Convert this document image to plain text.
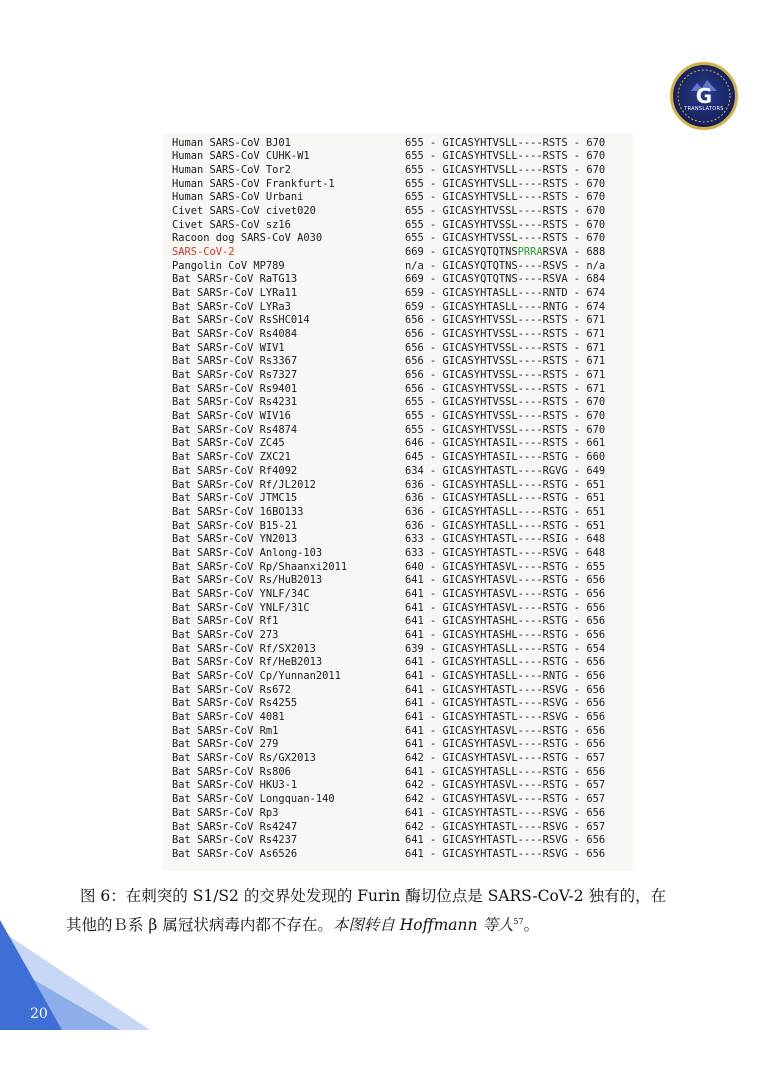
G
TRANSLATORS
Human SARS-CoV BJ01	655 - GICASYHTVSLL----RSTS - 670
Human SARS-CoV CUHK-W1	655 - GICASYHTVSLL----RSTS - 670
Human SARS-CoV Tor2	655 - GICASYHTVSLL----RSTS - 670
Human SARS-CoV Frankfurt-1	655 - GICASYHTVSLL----RSTS - 670
Human SARS-CoV Urbani	655 - GICASYHTVSLL----RSTS - 670
Civet SARS-CoV civet020	655 - GICASYHTVSSL----RSTS - 670
Civet SARS-CoV sz16	655 - GICASYHTVSSL----RSTS - 670
Racoon dog SARS-CoV A030	655 - GICASYHTVSSL----RSTS - 670
SARS-CoV-2	669 - GICASYQTQTNSPRRARSVA - 688
Pangolin CoV MP789	n/a - GICASYQTQTNS----RSVS - n/a
Bat SARSr-CoV RaTG13	669 - GICASYQTQTNS----RSVA - 684
Bat SARSr-CoV LYRa11	659 - GICASYHTASLL----RNTD - 674
Bat SARSr-CoV LYRa3	659 - GICASYHTASLL----RNTG - 674
Bat SARSr-CoV RsSHC014	656 - GICASYHTVSSL----RSTS - 671
Bat SARSr-CoV Rs4084	656 - GICASYHTVSSL----RSTS - 671
Bat SARSr-CoV WIV1	656 - GICASYHTVSSL----RSTS - 671
Bat SARSr-CoV Rs3367	656 - GICASYHTVSSL----RSTS - 671
Bat SARSr-CoV Rs7327	656 - GICASYHTVSSL----RSTS - 671
Bat SARSr-CoV Rs9401	656 - GICASYHTVSSL----RSTS - 671
Bat SARSr-CoV Rs4231	655 - GICASYHTVSSL----RSTS - 670
Bat SARSr-CoV WIV16	655 - GICASYHTVSSL----RSTS - 670
Bat SARSr-CoV Rs4874	655 - GICASYHTVSSL----RSTS - 670
Bat SARSr-CoV ZC45	646 - GICASYHTASIL----RSTS - 661
Bat SARSr-CoV ZXC21	645 - GICASYHTASIL----RSTG - 660
Bat SARSr-CoV Rf4092	634 - GICASYHTASTL----RGVG - 649
Bat SARSr-CoV Rf/JL2012	636 - GICASYHTASLL----RSTG - 651
Bat SARSr-CoV JTMC15	636 - GICASYHTASLL----RSTG - 651
Bat SARSr-CoV 16BO133	636 - GICASYHTASLL----RSTG - 651
Bat SARSr-CoV B15-21	636 - GICASYHTASLL----RSTG - 651
Bat SARSr-CoV YN2013	633 - GICASYHTASTL----RSIG - 648
Bat SARSr-CoV Anlong-103	633 - GICASYHTASTL----RSVG - 648
Bat SARSr-CoV Rp/Shaanxi2011	640 - GICASYHTASVL----RSTG - 655
Bat SARSr-CoV Rs/HuB2013	641 - GICASYHTASVL----RSTG - 656
Bat SARSr-CoV YNLF/34C	641 - GICASYHTASVL----RSTG - 656
Bat SARSr-CoV YNLF/31C	641 - GICASYHTASVL----RSTG - 656
Bat SARSr-CoV Rf1	641 - GICASYHTASHL----RSTG - 656
Bat SARSr-CoV 273	641 - GICASYHTASHL----RSTG - 656
Bat SARSr-CoV Rf/SX2013	639 - GICASYHTASLL----RSTG - 654
Bat SARSr-CoV Rf/HeB2013	641 - GICASYHTASLL----RSTG - 656
Bat SARSr-CoV Cp/Yunnan2011	641 - GICASYHTASLL----RNTG - 656
Bat SARSr-CoV Rs672	641 - GICASYHTASTL----RSVG - 656
Bat SARSr-CoV Rs4255	641 - GICASYHTASTL----RSVG - 656
Bat SARSr-CoV 4081	641 - GICASYHTASTL----RSVG - 656
Bat SARSr-CoV Rm1	641 - GICASYHTASVL----RSTG - 656
Bat SARSr-CoV 279	641 - GICASYHTASVL----RSTG - 656
Bat SARSr-CoV Rs/GX2013	642 - GICASYHTASVL----RSTG - 657
Bat SARSr-CoV Rs806	641 - GICASYHTASLL----RSTG - 656
Bat SARSr-CoV HKU3-1	642 - GICASYHTASVL----RSTG - 657
Bat SARSr-CoV Longquan-140	642 - GICASYHTASVL----RSTG - 657
Bat SARSr-CoV Rp3	641 - GICASYHTASTL----RSVG - 656
Bat SARSr-CoV Rs4247	642 - GICASYHTASTL----RSVG - 657
Bat SARSr-CoV Rs4237	641 - GICASYHTASTL----RSVG - 656
Bat SARSr-CoV As6526	641 - GICASYHTASTL----RSVG - 656
图 6：在刺突的 S1/S2 的交界处发现的 Furin 酶切位点是 SARS-CoV-2 独有的，在
其他的Ｂ系 β 属冠状病毒内都不存在。本图转自 Hoffmann 等人$^{57}$。
20
